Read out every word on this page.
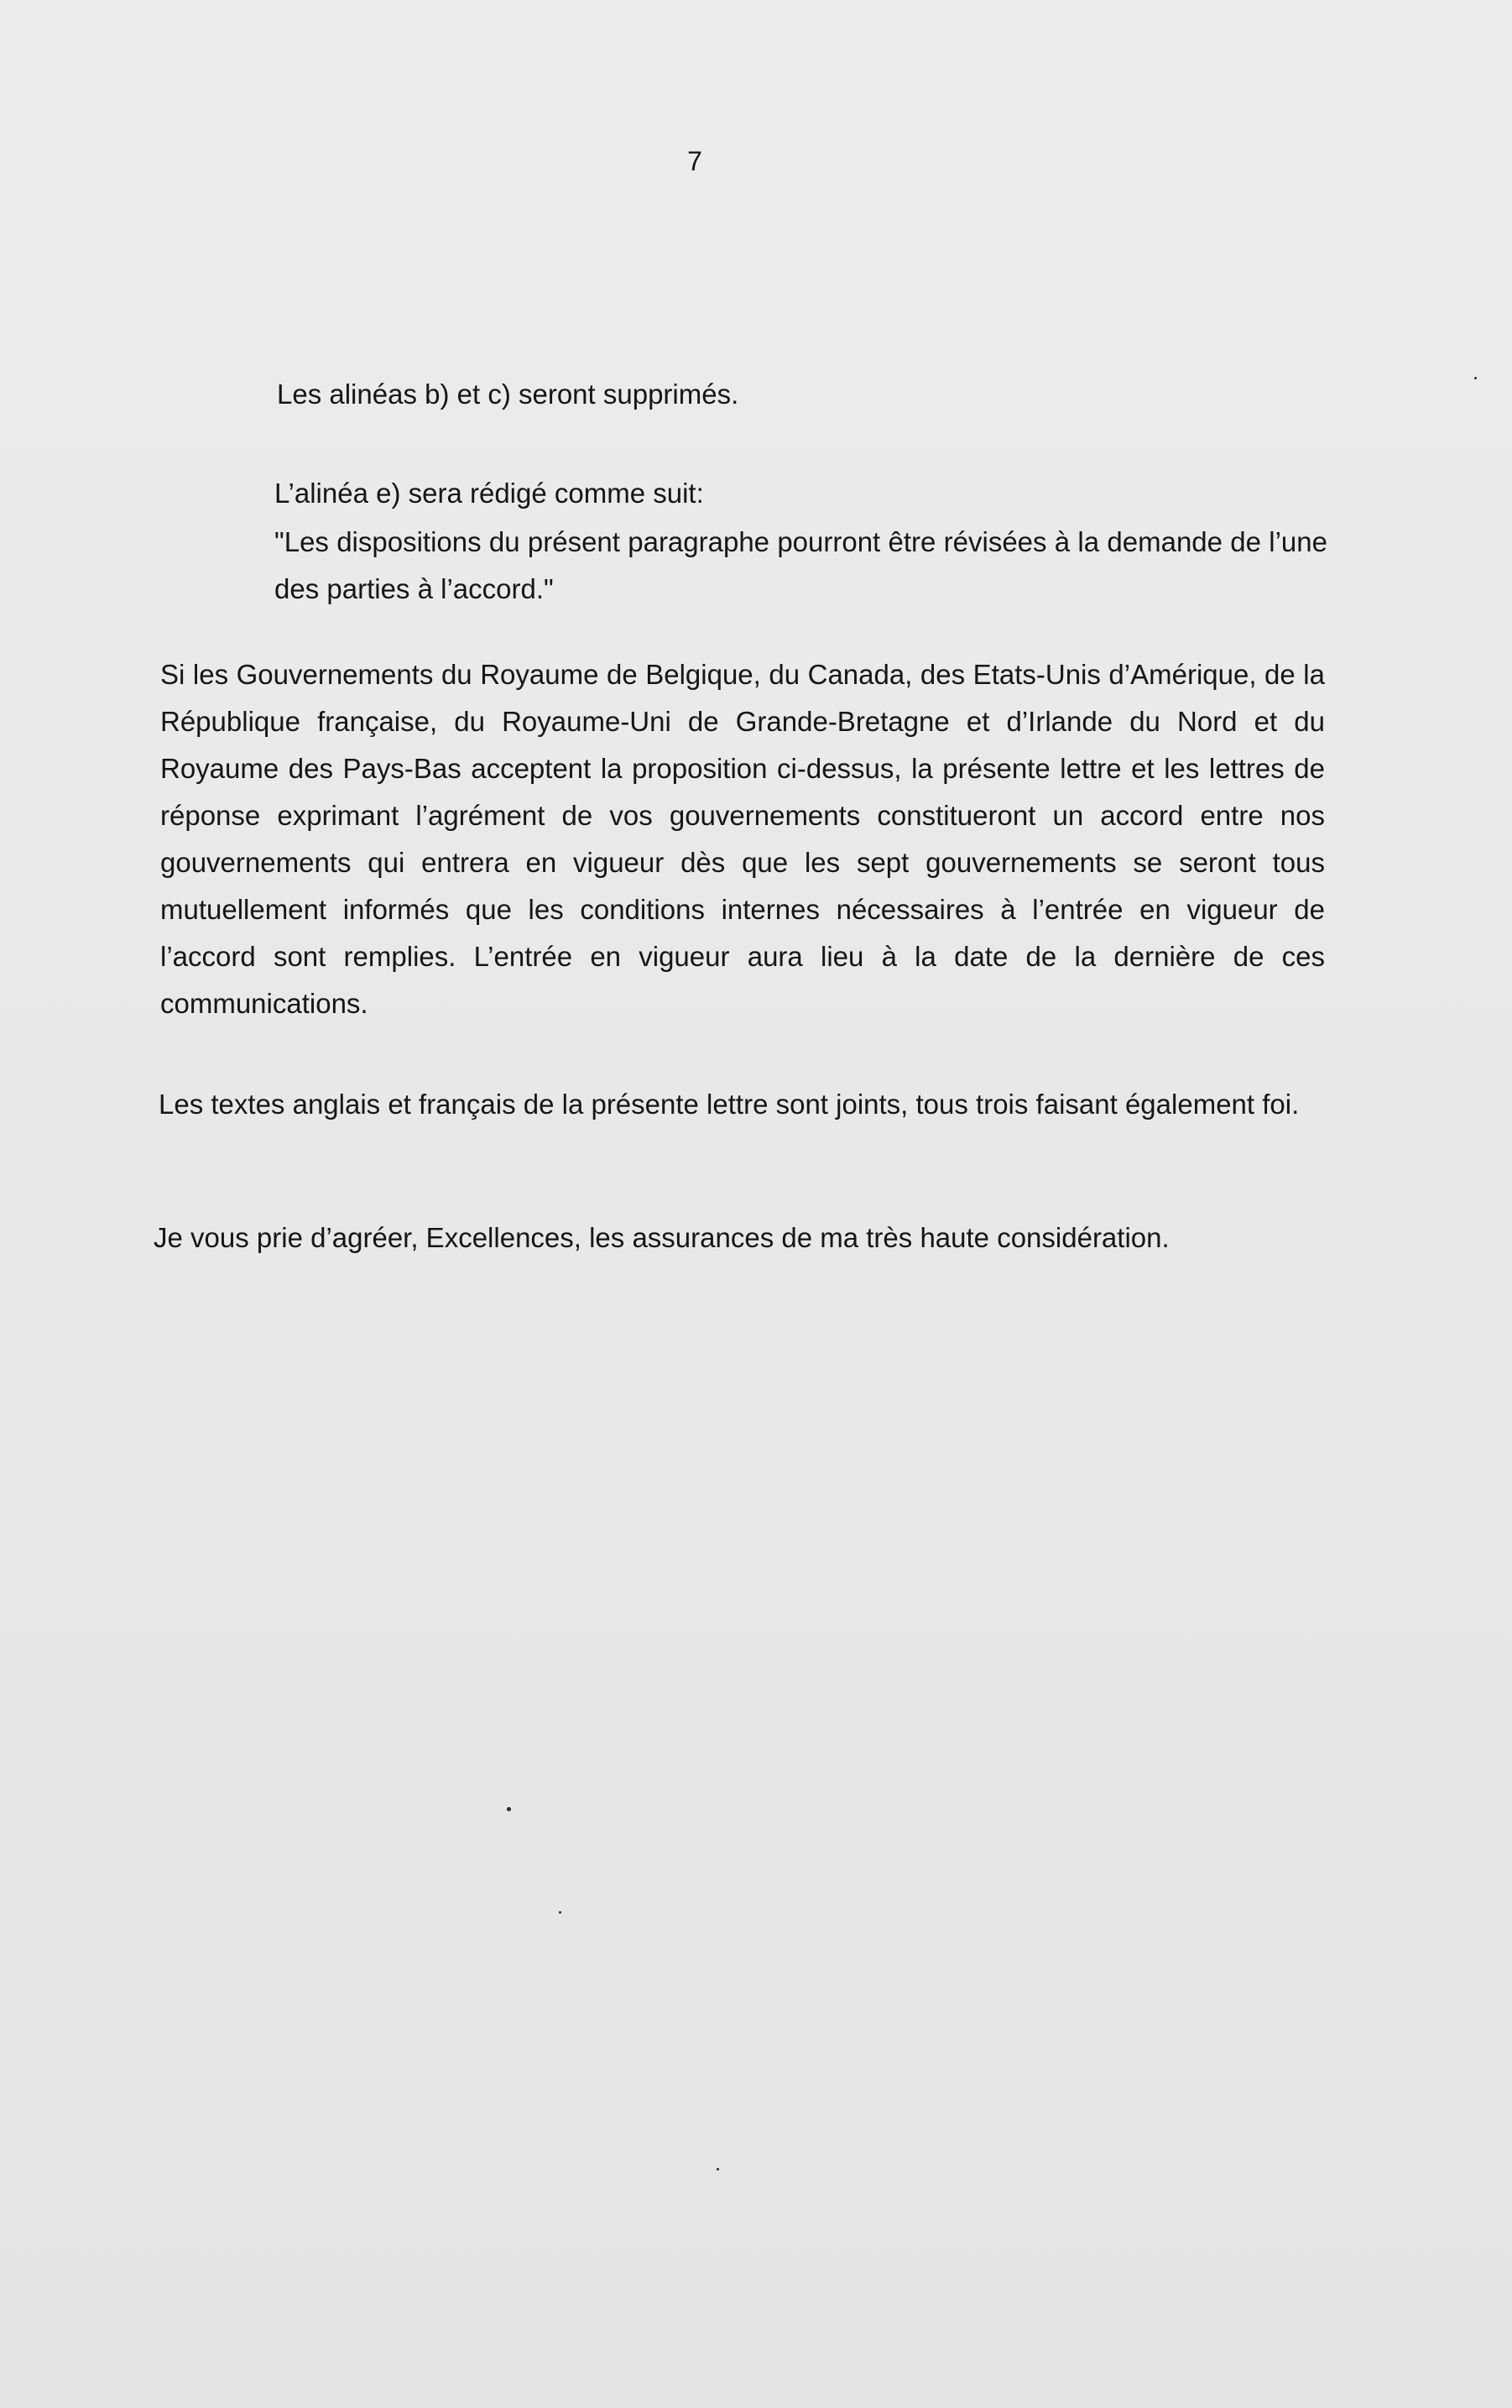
7

Les alinéas b) et c) seront supprimés.

L’alinéa e) sera rédigé comme suit:

"Les dispositions du présent paragraphe pourront être révisées à la demande de l’une des parties à l’accord."

Si les Gouvernements du Royaume de Belgique, du Canada, des Etats-Unis d’Amérique, de la République française, du Royaume-Uni de Grande-Bretagne et d’Irlande du Nord et du Royaume des Pays-Bas acceptent la proposition ci-dessus, la présente lettre et les lettres de réponse exprimant l’agrément de vos gouvernements constitueront un accord entre nos gouvernements qui entrera en vigueur dès que les sept gouvernements se seront tous mutuellement informés que les conditions internes nécessaires à l’entrée en vigueur de l’accord sont remplies. L’entrée en vigueur aura lieu à la date de la dernière de ces communications.

Les textes anglais et français de la présente lettre sont joints, tous trois faisant également foi.

Je vous prie d’agréer, Excellences, les assurances de ma très haute considération.
